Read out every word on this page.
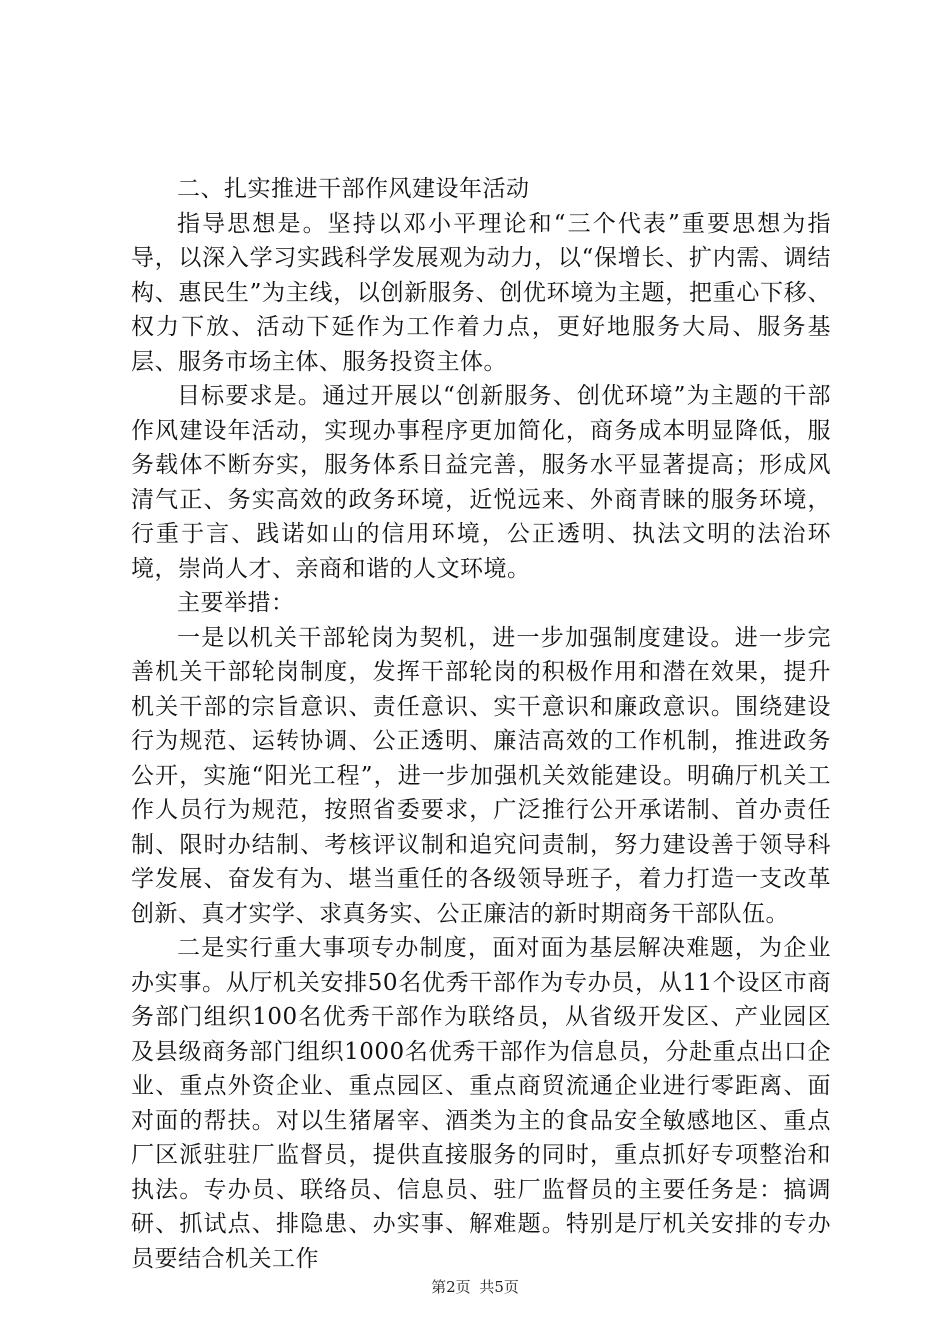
二、扎实推进干部作风建设年活动

指导思想是。坚持以邓小平理论和“三个代表”重要思想为指导，以深入学习实践科学发展观为动力，以“保增长、扩内需、调结构、惠民生”为主线，以创新服务、创优环境为主题，把重心下移、权力下放、活动下延作为工作着力点，更好地服务大局、服务基层、服务市场主体、服务投资主体。

目标要求是。通过开展以“创新服务、创优环境”为主题的干部作风建设年活动，实现办事程序更加简化，商务成本明显降低，服务载体不断夯实，服务体系日益完善，服务水平显著提高；形成风清气正、务实高效的政务环境，近悦远来、外商青睐的服务环境，行重于言、践诺如山的信用环境，公正透明、执法文明的法治环境，崇尚人才、亲商和谐的人文环境。

主要举措：

一是以机关干部轮岗为契机，进一步加强制度建设。进一步完善机关干部轮岗制度，发挥干部轮岗的积极作用和潜在效果，提升机关干部的宗旨意识、责任意识、实干意识和廉政意识。围绕建设行为规范、运转协调、公正透明、廉洁高效的工作机制，推进政务公开，实施“阳光工程”，进一步加强机关效能建设。明确厅机关工作人员行为规范，按照省委要求，广泛推行公开承诺制、首办责任制、限时办结制、考核评议制和追究问责制，努力建设善于领导科学发展、奋发有为、堪当重任的各级领导班子，着力打造一支改革创新、真才实学、求真务实、公正廉洁的新时期商务干部队伍。

二是实行重大事项专办制度，面对面为基层解决难题，为企业办实事。从厅机关安排50名优秀干部作为专办员，从11个设区市商务部门组织100名优秀干部作为联络员，从省级开发区、产业园区及县级商务部门组织1000名优秀干部作为信息员，分赴重点出口企业、重点外资企业、重点园区、重点商贸流通企业进行零距离、面对面的帮扶。对以生猪屠宰、酒类为主的食品安全敏感地区、重点厂区派驻驻厂监督员，提供直接服务的同时，重点抓好专项整治和执法。专办员、联络员、信息员、驻厂监督员的主要任务是：搞调研、抓试点、排隐患、办实事、解难题。特别是厅机关安排的专办员要结合机关工作

第2页 共5页
